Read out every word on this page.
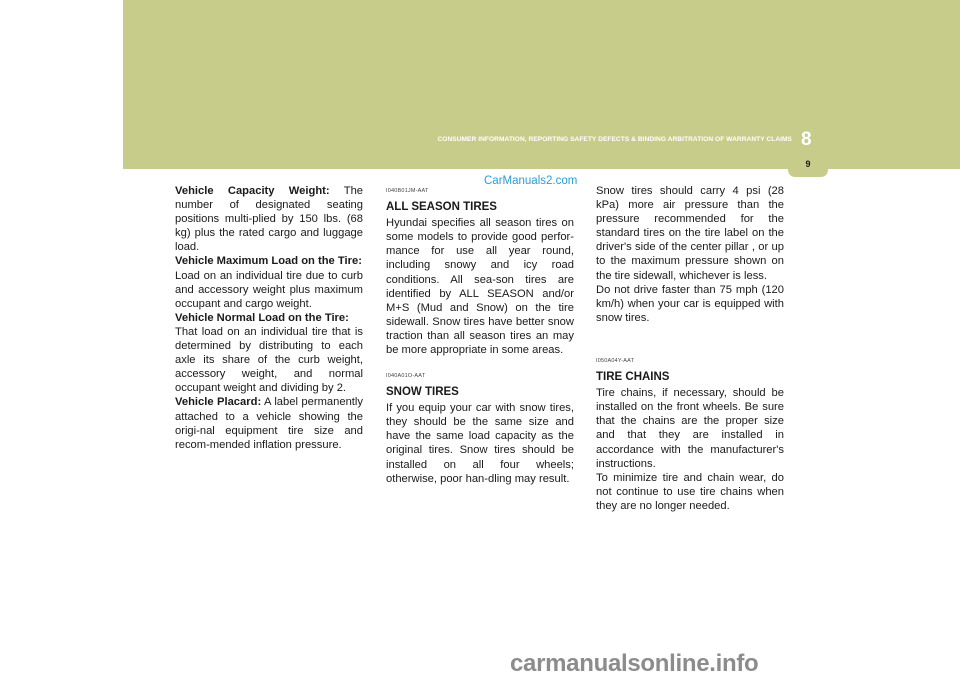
CONSUMER INFORMATION, REPORTING SAFETY DEFECTS & BINDING ARBITRATION OF WARRANTY CLAIMS 8
9
CarManuals2.com

Vehicle Capacity Weight: The number of designated seating positions multi-plied by 150 lbs. (68 kg) plus the rated cargo and luggage load.

Vehicle Maximum Load on the Tire:
Load on an individual tire due to curb and accessory weight plus maximum occupant and cargo weight.

Vehicle Normal Load on the Tire:
That load on an individual tire that is determined by distributing to each axle its share of the curb weight, accessory weight, and normal occupant weight and dividing by 2.

Vehicle Placard: A label permanently attached to a vehicle showing the origi-nal equipment tire size and recom-mended inflation pressure.

I040B01JM-AAT
ALL SEASON TIRES

Hyundai specifies all season tires on some models to provide good perfor-mance for use all year round, including snowy and icy road conditions. All sea-son tires are identified by ALL SEASON and/or M+S (Mud and Snow) on the tire sidewall. Snow tires have better snow traction than all season tires an may be more appropriate in some areas.

I040A01O-AAT
SNOW TIRES

If you equip your car with snow tires, they should be the same size and have the same load capacity as the original tires. Snow tires should be installed on all four wheels; otherwise, poor han-dling may result.

Snow tires should carry 4 psi (28 kPa) more air pressure than the pressure recommended for the standard tires on the tire label on the driver's side of the center pillar , or up to the maximum pressure shown on the tire sidewall, whichever is less.

Do not drive faster than 75 mph (120 km/h) when your car is equipped with snow tires.

I050A04Y-AAT
TIRE CHAINS

Tire chains, if necessary, should be installed on the front wheels. Be sure that the chains are the proper size and that they are installed in accordance with the manufacturer's instructions.

To minimize tire and chain wear, do not continue to use tire chains when they are no longer needed.

carmanualsonline.info
